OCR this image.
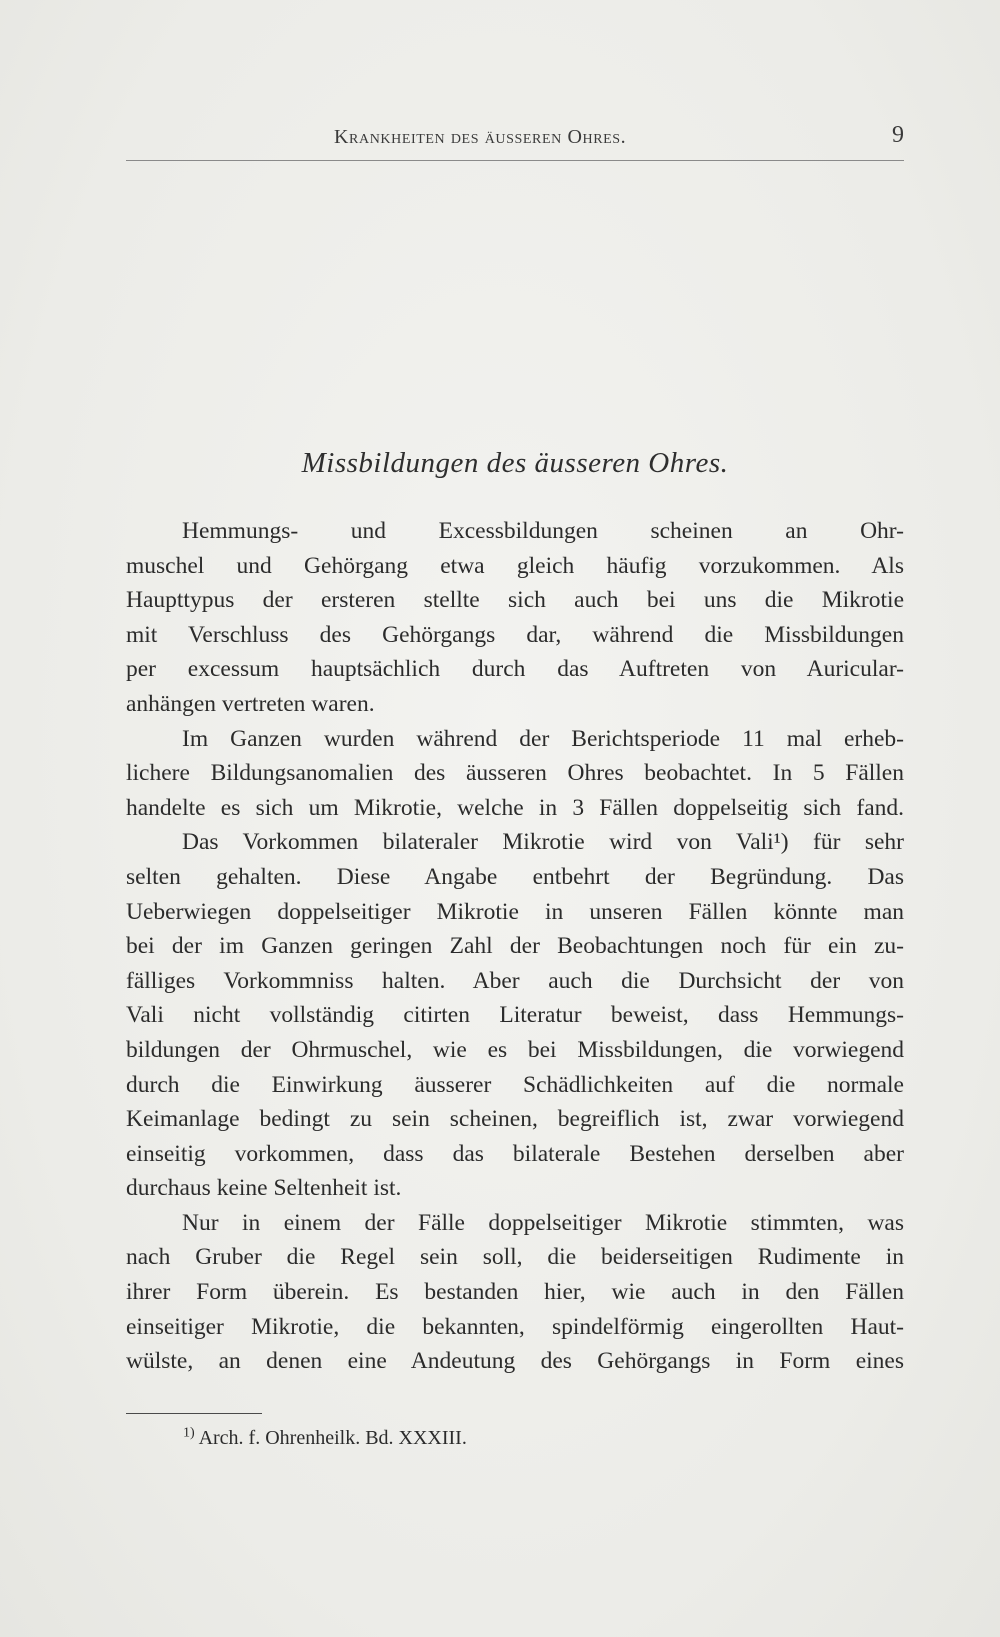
Krankheiten des äusseren Ohres.	9
Missbildungen des äusseren Ohres.
Hemmungs- und Excessbildungen scheinen an Ohr-
muschel und Gehörgang etwa gleich häufig vorzukommen. Als
Haupttypus der ersteren stellte sich auch bei uns die Mikrotie
mit Verschluss des Gehörgangs dar, während die Missbildungen
per excessum hauptsächlich durch das Auftreten von Auricular-
anhängen vertreten waren.
Im Ganzen wurden während der Berichtsperiode 11 mal erheb-
lichere Bildungsanomalien des äusseren Ohres beobachtet. In 5 Fällen
handelte es sich um Mikrotie, welche in 3 Fällen doppelseitig sich fand.
Das Vorkommen bilateraler Mikrotie wird von Vali¹) für sehr
selten gehalten. Diese Angabe entbehrt der Begründung. Das
Ueberwiegen doppelseitiger Mikrotie in unseren Fällen könnte man
bei der im Ganzen geringen Zahl der Beobachtungen noch für ein zu-
fälliges Vorkommniss halten. Aber auch die Durchsicht der von
Vali nicht vollständig citirten Literatur beweist, dass Hemmungs-
bildungen der Ohrmuschel, wie es bei Missbildungen, die vorwiegend
durch die Einwirkung äusserer Schädlichkeiten auf die normale
Keimanlage bedingt zu sein scheinen, begreiflich ist, zwar vorwiegend
einseitig vorkommen, dass das bilaterale Bestehen derselben aber
durchaus keine Seltenheit ist.
Nur in einem der Fälle doppelseitiger Mikrotie stimmten, was
nach Gruber die Regel sein soll, die beiderseitigen Rudimente in
ihrer Form überein. Es bestanden hier, wie auch in den Fällen
einseitiger Mikrotie, die bekannten, spindelförmig eingerollten Haut-
wülste, an denen eine Andeutung des Gehörgangs in Form eines
$^{1)}$ Arch. f. Ohrenheilk. Bd. XXXIII.
